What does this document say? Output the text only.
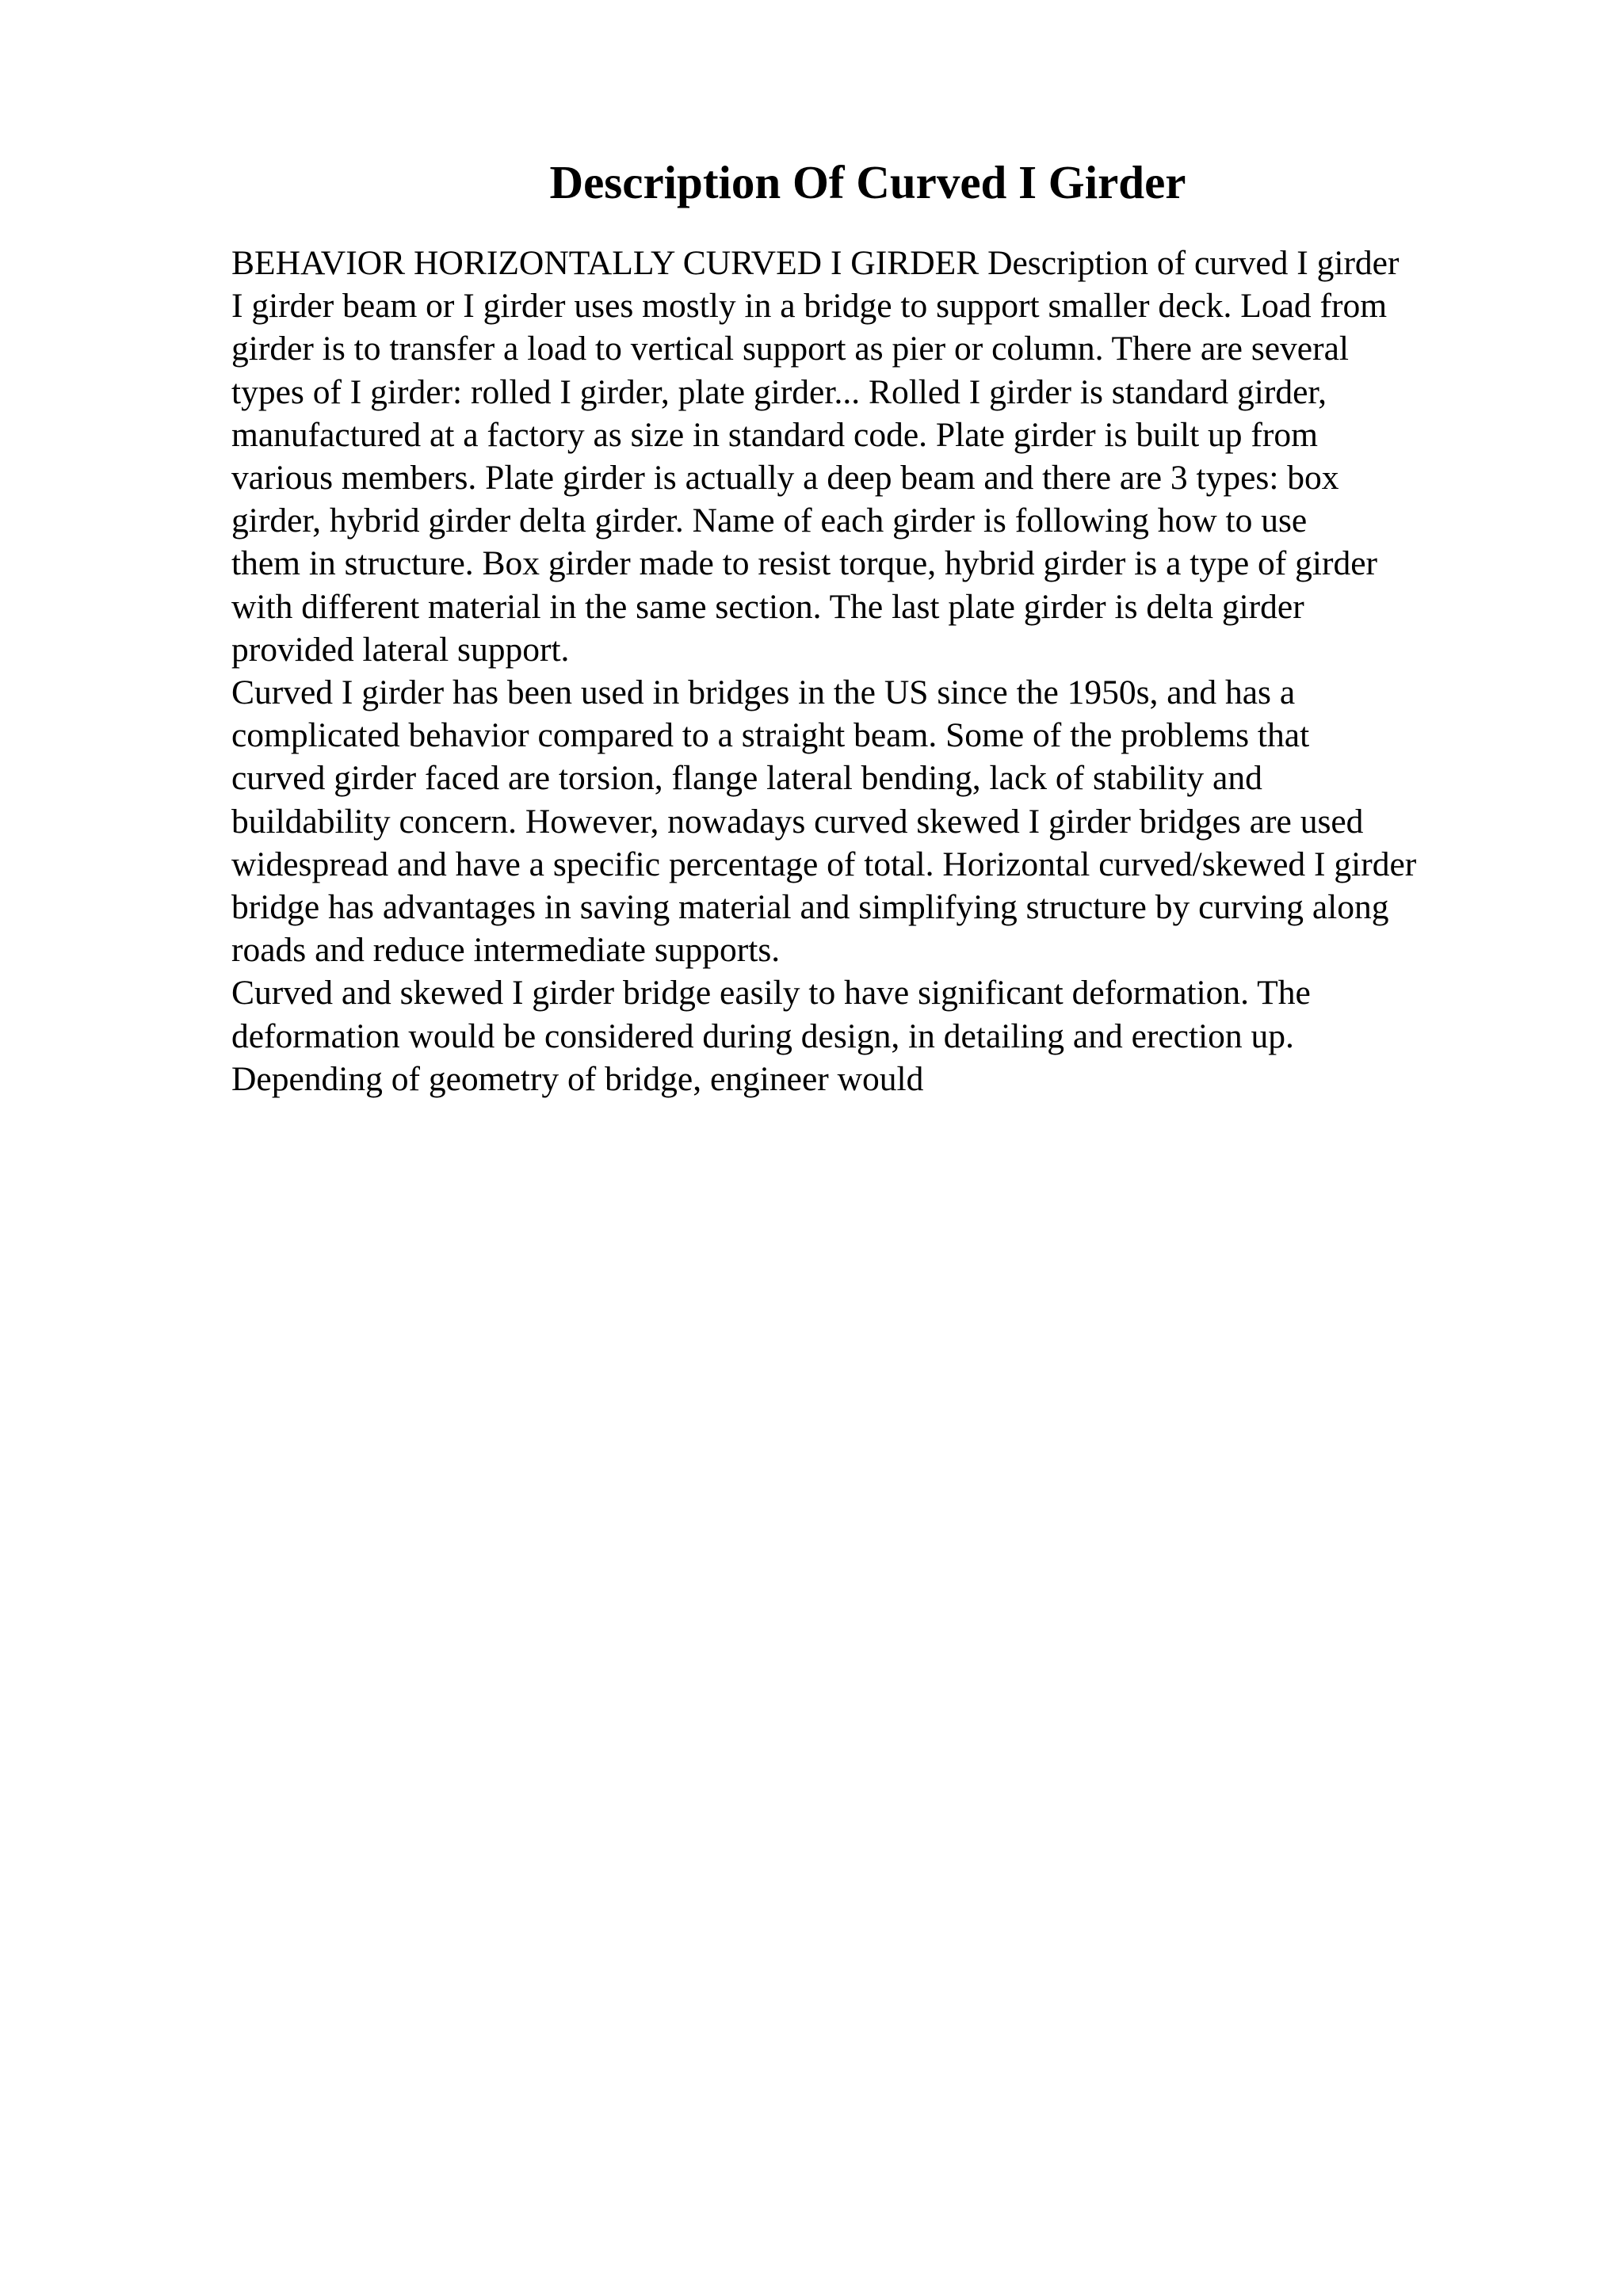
Description Of Curved I Girder
BEHAVIOR HORIZONTALLY CURVED I GIRDER Description of curved I girder
I girder beam or I girder uses mostly in a bridge to support smaller deck. Load from
girder is to transfer a load to vertical support as pier or column. There are several
types of I girder: rolled I girder, plate girder... Rolled I girder is standard girder,
manufactured at a factory as size in standard code. Plate girder is built up from
various members. Plate girder is actually a deep beam and there are 3 types: box
girder, hybrid girder delta girder. Name of each girder is following how to use
them in structure. Box girder made to resist torque, hybrid girder is a type of girder
with different material in the same section. The last plate girder is delta girder
provided lateral support.
Curved I girder has been used in bridges in the US since the 1950s, and has a
complicated behavior compared to a straight beam. Some of the problems that
curved girder faced are torsion, flange lateral bending, lack of stability and
buildability concern. However, nowadays curved skewed I girder bridges are used
widespread and have a specific percentage of total. Horizontal curved/skewed I girder
bridge has advantages in saving material and simplifying structure by curving along
roads and reduce intermediate supports.
Curved and skewed I girder bridge easily to have significant deformation. The
deformation would be considered during design, in detailing and erection up.
Depending of geometry of bridge, engineer would
